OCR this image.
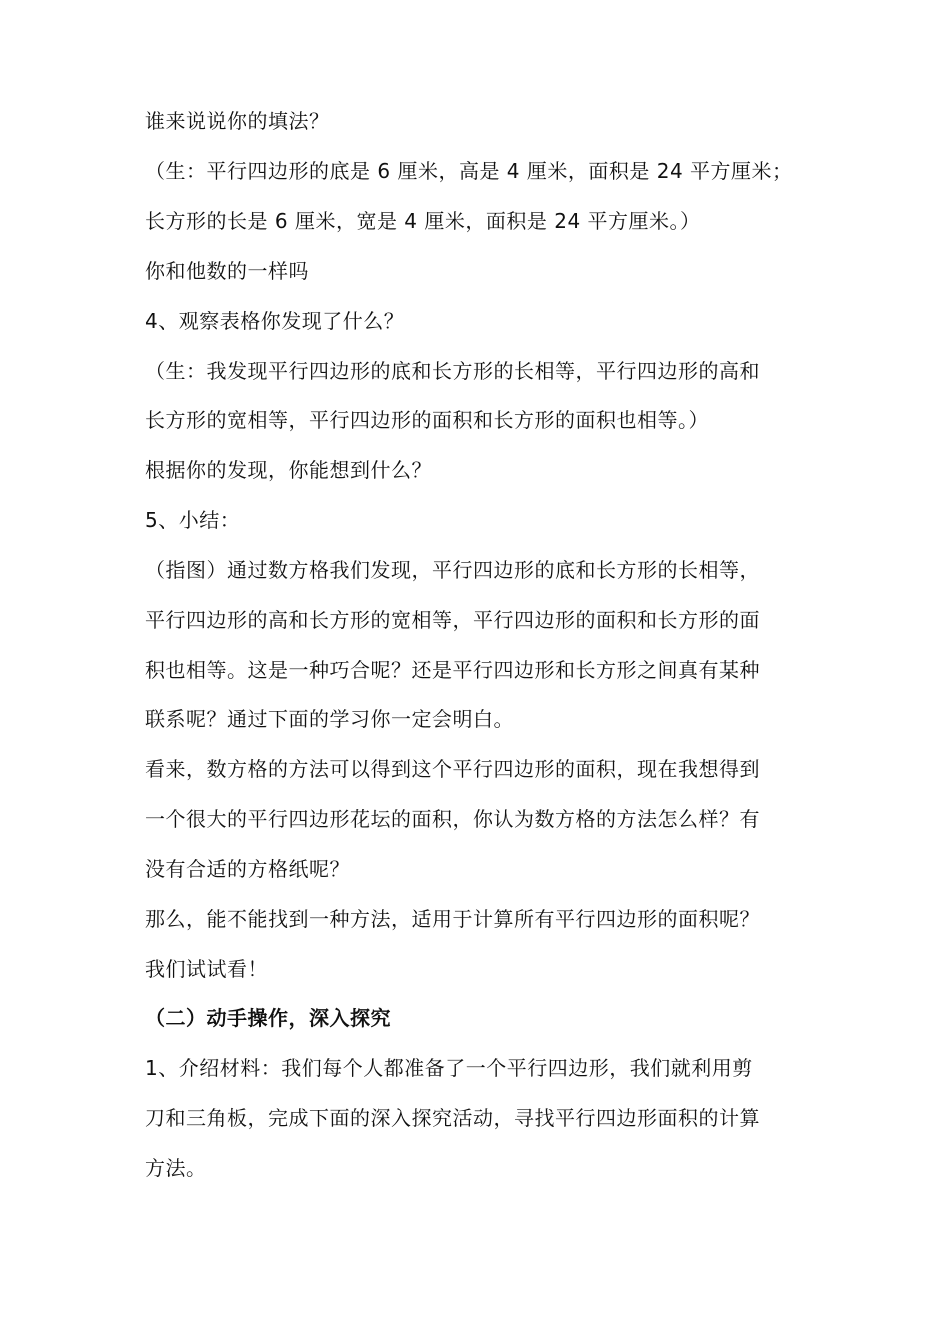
谁来说说你的填法？
（生：平行四边形的底是 6 厘米，高是 4 厘米，面积是 24 平方厘米；
长方形的长是 6 厘米，宽是 4 厘米，面积是 24 平方厘米。）
你和他数的一样吗
4、观察表格你发现了什么？
（生：我发现平行四边形的底和长方形的长相等，平行四边形的高和
长方形的宽相等，平行四边形的面积和长方形的面积也相等。）
根据你的发现，你能想到什么？
5、小结：
（指图）通过数方格我们发现，平行四边形的底和长方形的长相等，
平行四边形的高和长方形的宽相等，平行四边形的面积和长方形的面
积也相等。这是一种巧合呢？还是平行四边形和长方形之间真有某种
联系呢？通过下面的学习你一定会明白。
看来，数方格的方法可以得到这个平行四边形的面积，现在我想得到
一个很大的平行四边形花坛的面积，你认为数方格的方法怎么样？有
没有合适的方格纸呢？
那么，能不能找到一种方法，适用于计算所有平行四边形的面积呢？
我们试试看！
（二）动手操作，深入探究
1、介绍材料：我们每个人都准备了一个平行四边形，我们就利用剪
刀和三角板，完成下面的深入探究活动，寻找平行四边形面积的计算
方法。
